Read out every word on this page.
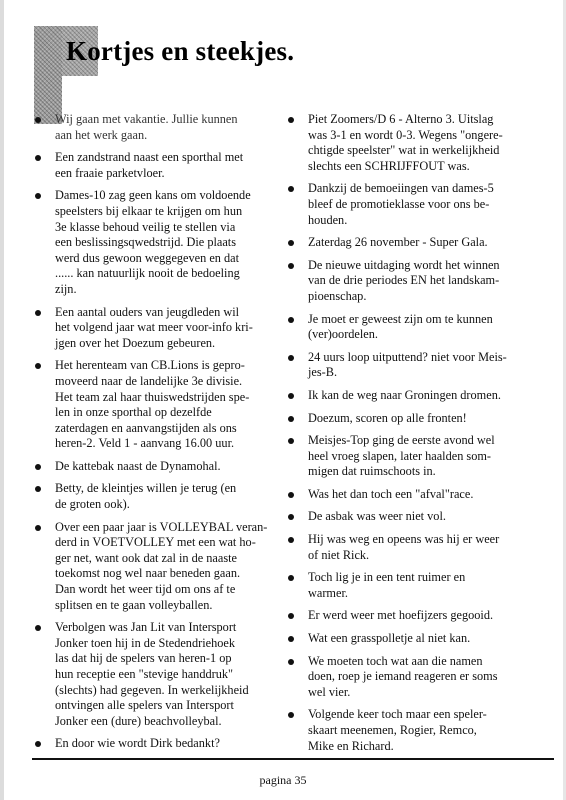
Kortjes en steekjes.
Wij gaan met vakantie. Jullie kunnen
aan het werk gaan.
Een zandstrand naast een sporthal met
een fraaie parketvloer.
Dames-10 zag geen kans om voldoende
speelsters bij elkaar te krijgen om hun
3e klasse behoud veilig te stellen via
een beslissingsqwedstrijd. Die plaats
werd dus gewoon weggegeven en dat
...... kan natuurlijk nooit de bedoeling
zijn.
Een aantal ouders van jeugdleden wil
het volgend jaar wat meer voor-info kri-
jgen over het Doezum gebeuren.
Het herenteam van CB.Lions is gepro-
moveerd naar de landelijke 3e divisie.
Het team zal haar thuiswedstrijden spe-
len in onze sporthal op dezelfde
zaterdagen en aanvangstijden als ons
heren-2. Veld 1 - aanvang 16.00 uur.
De kattebak naast de Dynamohal.
Betty, de kleintjes willen je terug (en
de groten ook).
Over een paar jaar is VOLLEYBAL veran-
derd in VOETVOLLEY met een wat ho-
ger net, want ook dat zal in de naaste
toekomst nog wel naar beneden gaan.
Dan wordt het weer tijd om ons af te
splitsen en te gaan volleyballen.
Verbolgen was Jan Lit van Intersport
Jonker toen hij in de Stedendriehoek
las dat hij de spelers van heren-1 op
hun receptie een "stevige handdruk"
(slechts) had gegeven. In werkelijkheid
ontvingen alle spelers van Intersport
Jonker een (dure) beachvolleybal.
En door wie wordt Dirk bedankt?
Piet Zoomers/D 6 - Alterno 3. Uitslag
was 3-1 en wordt 0-3. Wegens "ongere-
chtigde speelster" wat in werkelijkheid
slechts een SCHRIJFFOUT was.
Dankzij de bemoeiingen van dames-5
bleef de promotieklasse voor ons be-
houden.
Zaterdag 26 november - Super Gala.
De nieuwe uitdaging wordt het winnen
van de drie periodes EN het landskam-
pioenschap.
Je moet er geweest zijn om te kunnen
(ver)oordelen.
24 uurs loop uitputtend? niet voor Meis-
jes-B.
Ik kan de weg naar Groningen dromen.
Doezum, scoren op alle fronten!
Meisjes-Top ging de eerste avond wel
heel vroeg slapen, later haalden som-
migen dat ruimschoots in.
Was het dan toch een "afval"race.
De asbak was weer niet vol.
Hij was weg en opeens was hij er weer
of niet Rick.
Toch lig je in een tent ruimer en
warmer.
Er werd weer met hoefijzers gegooid.
Wat een grasspolletje al niet kan.
We moeten toch wat aan die namen
doen, roep je iemand reageren er soms
wel vier.
Volgende keer toch maar een speler-
skaart meenemen, Rogier, Remco,
Mike en Richard.
pagina 35
